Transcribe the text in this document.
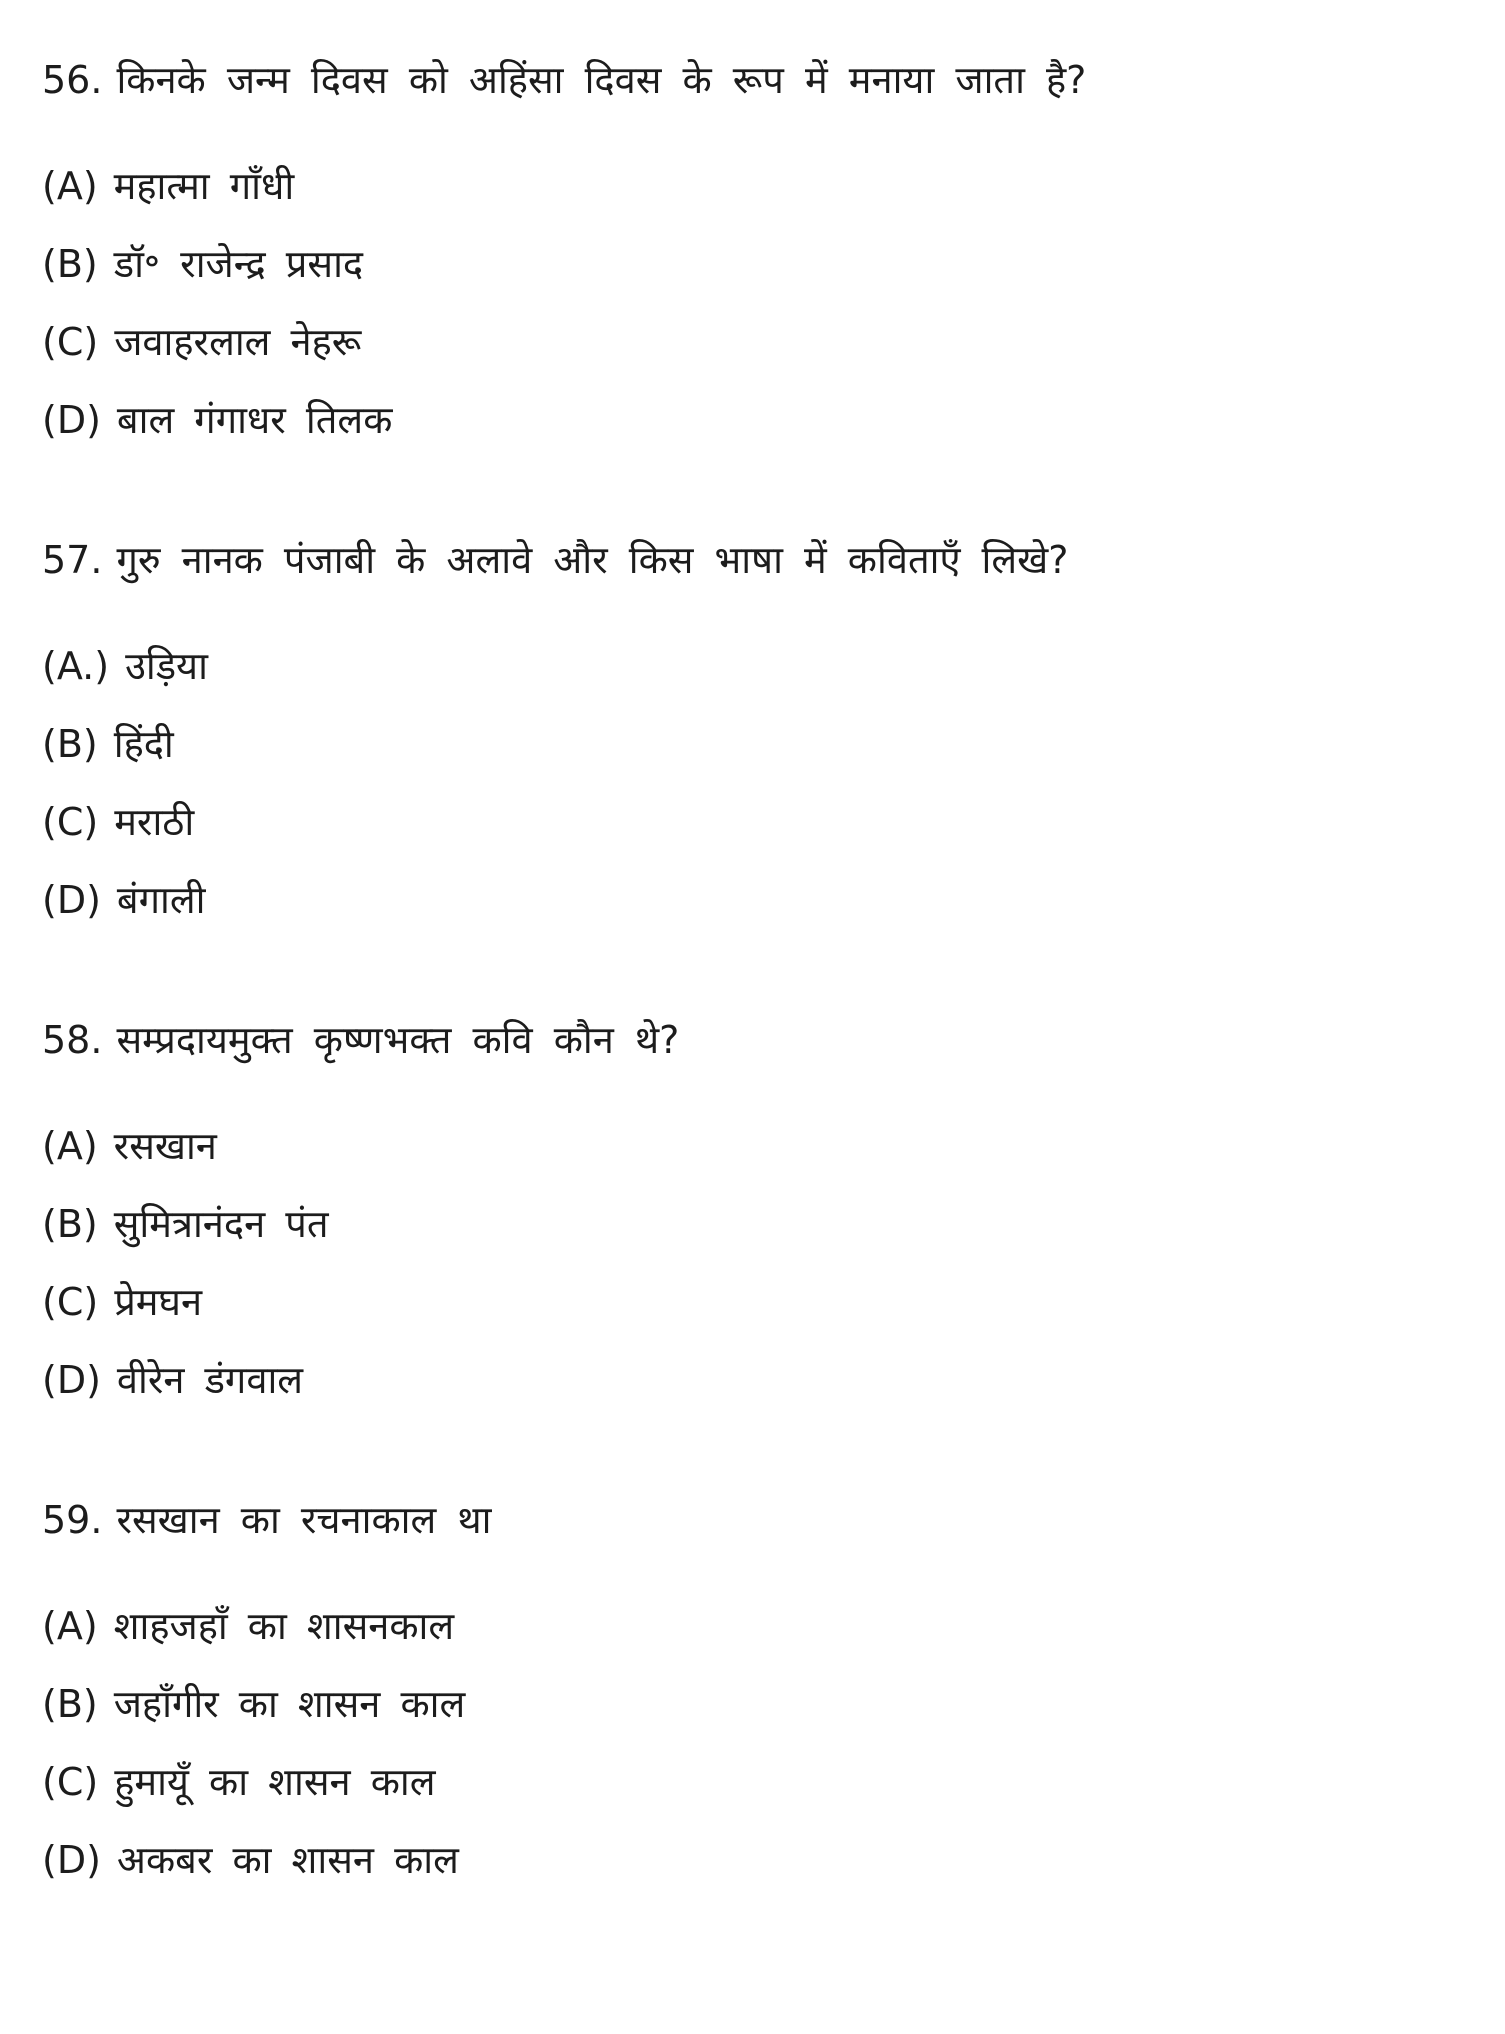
56. किनके जन्म दिवस को अहिंसा दिवस के रूप में मनाया जाता है?
(A) महात्मा गाँधी
(B) डॉ॰ राजेन्द्र प्रसाद
(C) जवाहरलाल नेहरू
(D) बाल गंगाधर तिलक
57. गुरु नानक पंजाबी के अलावे और किस भाषा में कविताएँ लिखे?
(A.) उड़िया
(B) हिंदी
(C) मराठी
(D) बंगाली
58. सम्प्रदायमुक्त कृष्णभक्त कवि कौन थे?
(A) रसखान
(B) सुमित्रानंदन पंत
(C) प्रेमघन
(D) वीरेन डंगवाल
59. रसखान का रचनाकाल था
(A) शाहजहाँ का शासनकाल
(B) जहाँगीर का शासन काल
(C) हुमायूँ का शासन काल
(D) अकबर का शासन काल
